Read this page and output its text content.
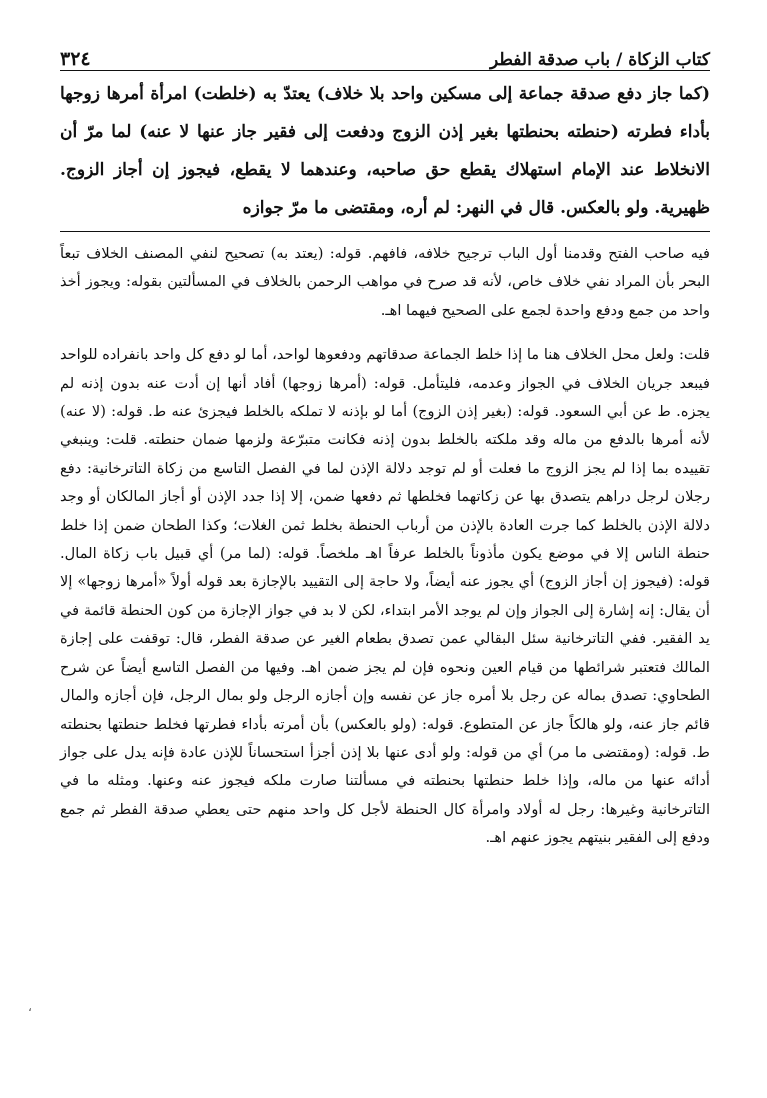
كتاب الزكاة / باب صدقة الفطر
٣٢٤
(كما جاز دفع صدقة جماعة إلى مسكين واحد بلا خلاف) يعتدّ به (خلطت) امرأة أمرها زوجها بأداء فطرته (حنطته بحنطتها بغير إذن الزوج ودفعت إلى فقير جاز عنها لا عنه) لما مرّ أن الانخلاط عند الإمام استهلاك يقطع حق صاحبه، وعندهما لا يقطع، فيجوز إن أجاز الزوج. ظهيرية. ولو بالعكس. قال في النهر: لم أره، ومقتضى ما مرّ جوازه

فيه صاحب الفتح وقدمنا أول الباب ترجيح خلافه، فافهم. قوله: (يعتد به) تصحيح لنفي المصنف الخلاف تبعاً البحر بأن المراد نفي خلاف خاص، لأنه قد صرح في مواهب الرحمن بالخلاف في المسألتين بقوله: ويجوز أخذ واحد من جمع ودفع واحدة لجمع على الصحيح فيهما اهـ.

قلت: ولعل محل الخلاف هنا ما إذا خلط الجماعة صدقاتهم ودفعوها لواحد، أما لو دفع كل واحد بانفراده للواحد فيبعد جريان الخلاف في الجواز وعدمه، فليتأمل. قوله: (أمرها زوجها) أفاد أنها إن أدت عنه بدون إذنه لم يجزه. ط عن أبي السعود. قوله: (بغير إذن الزوج) أما لو بإذنه لا تملكه بالخلط فيجزئ عنه ط. قوله: (لا عنه) لأنه أمرها بالدفع من ماله وقد ملكته بالخلط بدون إذنه فكانت متبرّعة ولزمها ضمان حنطته. قلت: وينبغي تقييده بما إذا لم يجز الزوج ما فعلت أو لم توجد دلالة الإذن لما في الفصل التاسع من زكاة التاترخانية: دفع رجلان لرجل دراهم يتصدق بها عن زكاتهما فخلطها ثم دفعها ضمن، إلا إذا جدد الإذن أو أجاز المالكان أو وجد دلالة الإذن بالخلط كما جرت العادة بالإذن من أرباب الحنطة بخلط ثمن الغلات؛ وكذا الطحان ضمن إذا خلط حنطة الناس إلا في موضع يكون مأذوناً بالخلط عرفاً اهـ ملخصاً. قوله: (لما مر) أي قبيل باب زكاة المال. قوله: (فيجوز إن أجاز الزوج) أي يجوز عنه أيضاً، ولا حاجة إلى التقييد بالإجازة بعد قوله أولاً «أمرها زوجها» إلا أن يقال: إنه إشارة إلى الجواز وإن لم يوجد الأمر ابتداء، لكن لا بد في جواز الإجازة من كون الحنطة قائمة في يد الفقير. ففي التاترخانية سئل البقالي عمن تصدق بطعام الغير عن صدقة الفطر، قال: توقفت على إجازة المالك فتعتبر شرائطها من قيام العين ونحوه فإن لم يجز ضمن اهـ. وفيها من الفصل التاسع أيضاً عن شرح الطحاوي: تصدق بماله عن رجل بلا أمره جاز عن نفسه وإن أجازه الرجل ولو بمال الرجل، فإن أجازه والمال قائم جاز عنه، ولو هالكاً جاز عن المتطوع. قوله: (ولو بالعكس) بأن أمرته بأداء فطرتها فخلط حنطتها بحنطته ط. قوله: (ومقتضى ما مر) أي من قوله: ولو أدى عنها بلا إذن أجزأ استحساناً للإذن عادة فإنه يدل على جواز أدائه عنها من ماله، وإذا خلط حنطتها بحنطته في مسألتنا صارت ملكه فيجوز عنه وعنها. ومثله ما في التاترخانية وغيرها: رجل له أولاد وامرأة كال الحنطة لأجل كل واحد منهم حتى يعطي صدقة الفطر ثم جمع ودفع إلى الفقير بنيتهم يجوز عنهم اهـ.

،
